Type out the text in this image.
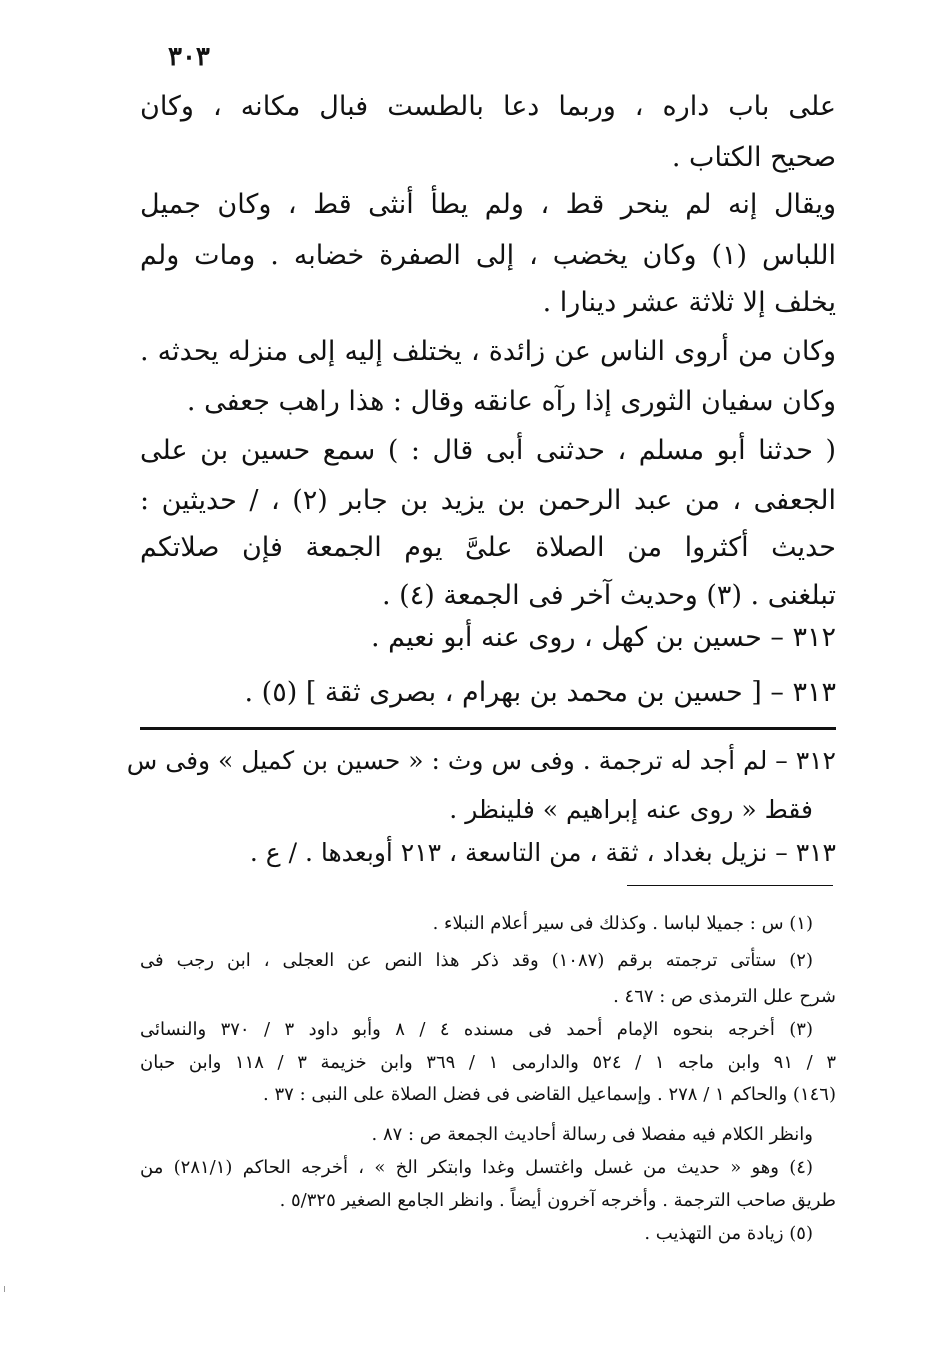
٣٠٣
على باب داره ، وربما دعا بالطست فبال مكانه ، وكان
صحيح الكتاب .
ويقال إنه لم ينحر قط ، ولم يطأ أنثى قط ، وكان جميل
اللباس (١) وكان يخضب ، إلى الصفرة خضابه . ومات ولم
يخلف إلا ثلاثة عشر دينارا .
وكان من أروى الناس عن زائدة ، يختلف إليه إلى منزله يحدثه .
وكان سفيان الثورى إذا رآه عانقه وقال : هذا راهب جعفى .
( حدثنا أبو مسلم ، حدثنى أبى قال : ) سمع حسين بن على
الجعفى ، من عبد الرحمن بن يزيد بن جابر (٢) ، / حديثين :
حديث أكثروا من الصلاة علىَّ يوم الجمعة فإن صلاتكم
تبلغنى . (٣) وحديث آخر فى الجمعة (٤) .
٣١٢ – حسين بن كهل ، روى عنه أبو نعيم .
٣١٣ – [ حسين بن محمد بن بهرام ، بصرى ثقة ] (٥) .
٣١٢ – لم أجد له ترجمة . وفى س وث : « حسين بن كميل » وفى س
فقط « روى عنه إبراهيم » فلينظر .
٣١٣ – نزيل بغداد ، ثقة ، من التاسعة ، ٢١٣ أوبعدها . / ع .
(١) س : جميلا لباسا . وكذلك فى سير أعلام النبلاء .
(٢) ستأتى ترجمته برقم (١٠٨٧) وقد ذكر هذا النص عن العجلى ، ابن رجب فى
شرح علل الترمذى ص : ٤٦٧ .
(٣) أخرجه بنحوه الإمام أحمد فى مسنده ٤ / ٨ وأبو داود ٣ / ٣٧٠ والنسائى
٣ / ٩١ وابن ماجه ١ / ٥٢٤ والدارمى ١ / ٣٦٩ وابن خزيمة ٣ / ١١٨ وابن حبان
(١٤٦) والحاكم ١ / ٢٧٨ . وإسماعيل القاضى فى فضل الصلاة على النبى : ٣٧ .
وانظر الكلام فيه مفصلا فى رسالة أحاديث الجمعة ص : ٨٧ .
(٤) وهو « حديث من غسل واغتسل وغدا وابتكر الخ » ، أخرجه الحاكم (٢٨١/١) من
طريق صاحب الترجمة . وأخرجه آخرون أيضاً . وانظر الجامع الصغير ٥/٣٢٥ .
(٥) زيادة من التهذيب .
